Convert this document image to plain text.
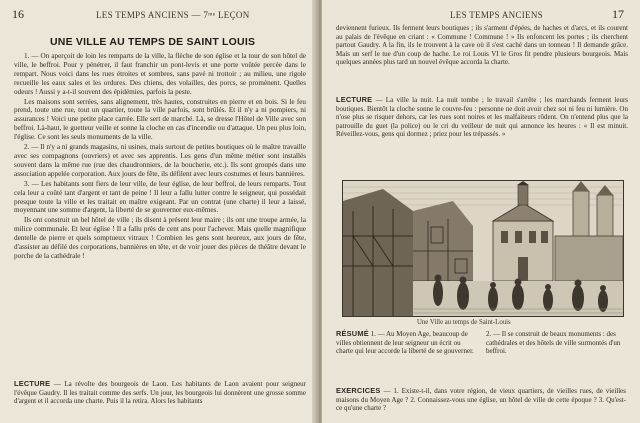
16	LES TEMPS ANCIENS — 7ᵐᵉ LEÇON
UNE VILLE AU TEMPS DE SAINT LOUIS

1. — On aperçoit de loin les remparts de la ville, la flèche de son église et la tour de son hôtel de ville, le beffroi. Pour y pénétrer, il faut franchir un pont-levis et une porte voûtée percée dans le rempart. Nous voici dans les rues étroites et sombres, sans pavé ni trottoir ; au milieu, une rigole recueille les eaux sales et les ordures. Des chiens, des volailles, des porcs, se promènent. Quelles odeurs ! Aussi y a-t-il souvent des épidémies, parfois la peste.

Les maisons sont serrées, sans alignement, très hautes, construites en pierre et en bois. Si le feu prend, toute une rue, tout un quartier, toute la ville parfois, sont brûlés. Et il n'y a ni pompiers, ni assurances ! Voici une petite place carrée. Elle sert de marché. Là, se dresse l'Hôtel de Ville avec son beffroi. Là-haut, le guetteur veille et sonne la cloche en cas d'incendie ou d'attaque. Un peu plus loin, l'église. Ce sont les seuls monuments de la ville.

2. — Il n'y a ni grands magasins, ni usines, mais surtout de petites boutiques où le maître travaille avec ses compagnons (ouvriers) et avec ses apprentis. Les gens d'un même métier sont installés souvent dans la même rue (rue des chaudronniers, de la boucherie, etc.). Ils sont groupés dans une association appelée corporation. Aux jours de fête, ils défilent avec leurs costumes et leurs bannières.

3. — Les habitants sont fiers de leur ville, de leur église, de leur beffroi, de leurs remparts. Tout cela leur a coûté tant d'argent et tant de peine ! Il leur a fallu lutter contre le seigneur, qui possédait presque toute la ville et les traitait en maître exigeant. Par un contrat (une charte) il leur a laissé, moyennant une somme d'argent, la liberté de se gouverner eux-mêmes.

Ils ont construit un bel hôtel de ville ; ils disent à présent leur maire ; ils ont une troupe armée, la milice communale. Et leur église ! Il a fallu près de cent ans pour l'achever. Mais quelle magnifique dentelle de pierre et quels somptueux vitraux ! Combien les gens sont heureux, aux jours de fête, d'assister au défilé des corporations, bannières en tête, et de voir jouer des pièces de théâtre devant le porche de la cathédrale !

LECTURE — La révolte des bourgeois de Laon. Les habitants de Laon avaient pour seigneur l'évêque Gaudry. Il les traitait comme des serfs. Un jour, les bourgeois lui donnèrent une grosse somme d'argent et il accorda une charte. Puis il la retira. Alors les habitants
LES TEMPS ANCIENS	17
deviennent furieux. Ils ferment leurs boutiques ; ils s'arment d'épées, de haches et d'arcs, et ils courent au palais de l'évêque en criant : « Commune ! Commune ! » Ils enfoncent les portes ; ils cherchent partout Gaudry. A la fin, ils le trouvent à la cave où il s'est caché dans un tonneau ! Il demande grâce. Mais un serf le tue d'un coup de hache. Le roi Louis VI le Gros fit pendre plusieurs bourgeois. Mais quelques années plus tard un nouvel évêque accorda la charte.
LECTURE — La ville la nuit. La nuit tombe ; le travail s'arrête ; les marchands ferment leurs boutiques. Bientôt la cloche sonne le couvre-feu : personne ne doit avoir chez soi ni feu ni lumière. On n'ose plus se risquer dehors, car les rues sont noires et les malfaiteurs rôdent. On n'entend plus que la patrouille du guet (la police) ou le cri du veilleur de nuit qui annonce les heures : « Il est minuit. Réveillez-vous, gens qui dormez ; priez pour les trépassés. »
Une Ville au temps de Saint-Louis
RÉSUMÉ 1. — Au Moyen Age, beaucoup de villes obtiennent de leur seigneur un écrit ou charte qui leur accorde la liberté de se gouverner.
2. — Il se construit de beaux monuments : des cathédrales et des hôtels de ville surmontés d'un beffroi.
EXERCICES — 1. Existe-t-il, dans votre région, de vieux quartiers, de vieilles rues, de vieilles maisons du Moyen Age ? 2. Connaissez-vous une église, un hôtel de ville de cette époque ? 3. Qu'est-ce qu'une charte ?
